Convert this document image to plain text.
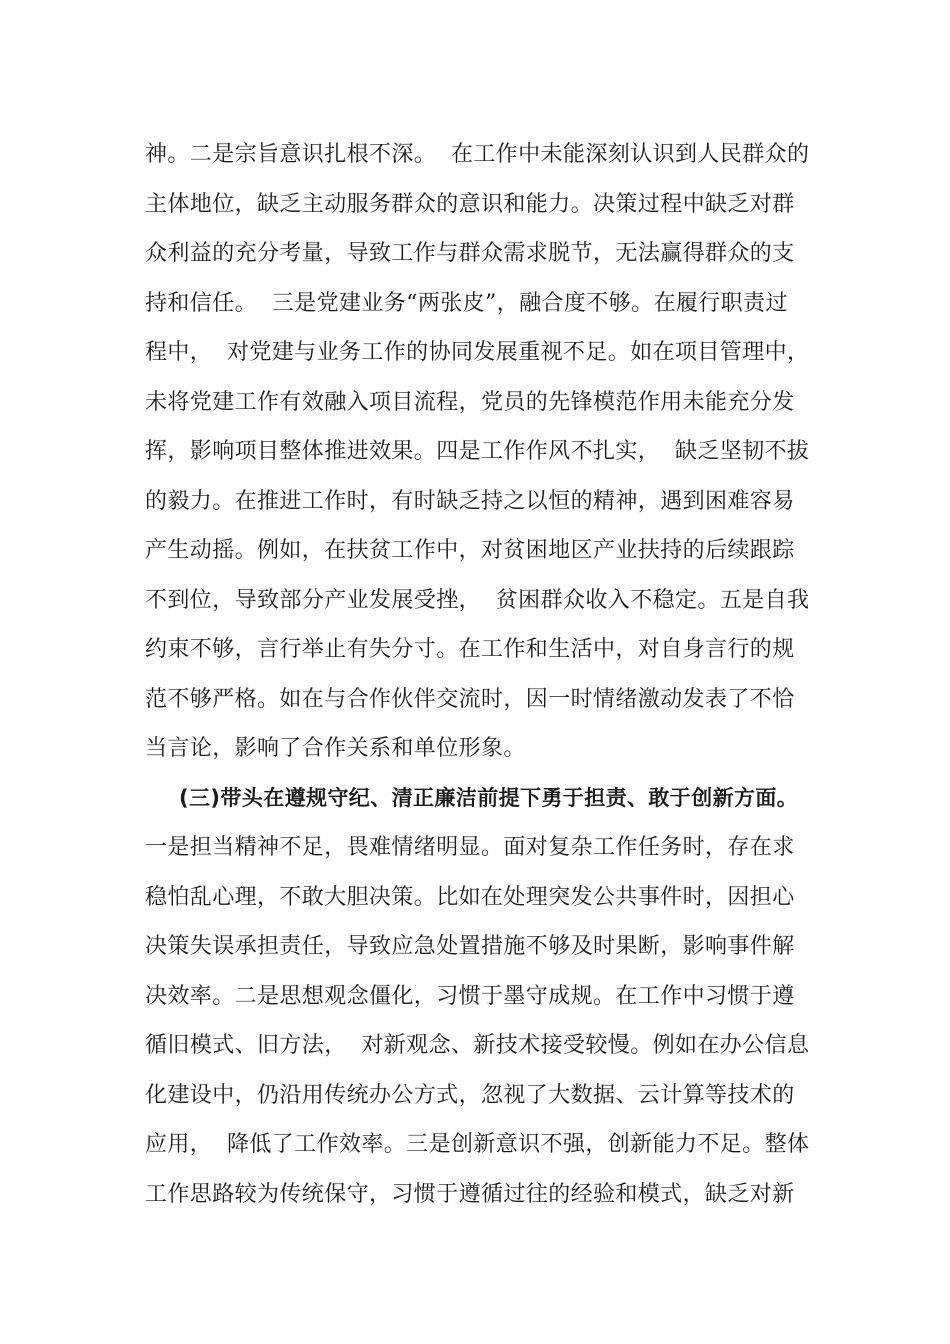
神。二是宗旨意识扎根不深。  在工作中未能深刻认识到人民群众的
主体地位，缺乏主动服务群众的意识和能力。决策过程中缺乏对群
众利益的充分考量，导致工作与群众需求脱节，无法赢得群众的支
持和信任。  三是党建业务“两张皮”，融合度不够。在履行职责过
程中，  对党建与业务工作的协同发展重视不足。如在项目管理中，
未将党建工作有效融入项目流程，党员的先锋模范作用未能充分发
挥，影响项目整体推进效果。四是工作作风不扎实，  缺乏坚韧不拔
的毅力。在推进工作时，有时缺乏持之以恒的精神，遇到困难容易
产生动摇。例如，在扶贫工作中，对贫困地区产业扶持的后续跟踪
不到位，导致部分产业发展受挫，  贫困群众收入不稳定。五是自我
约束不够，言行举止有失分寸。在工作和生活中，对自身言行的规
范不够严格。如在与合作伙伴交流时，因一时情绪激动发表了不恰
当言论，影响了合作关系和单位形象。
(三)带头在遵规守纪、清正廉洁前提下勇于担责、敢于创新方面。
一是担当精神不足，畏难情绪明显。面对复杂工作任务时，存在求
稳怕乱心理，不敢大胆决策。比如在处理突发公共事件时，因担心
决策失误承担责任，导致应急处置措施不够及时果断，影响事件解
决效率。二是思想观念僵化，习惯于墨守成规。在工作中习惯于遵
循旧模式、旧方法，  对新观念、新技术接受较慢。例如在办公信息
化建设中，仍沿用传统办公方式，忽视了大数据、云计算等技术的
应用，  降低了工作效率。三是创新意识不强，创新能力不足。整体
工作思路较为传统保守，习惯于遵循过往的经验和模式，缺乏对新
